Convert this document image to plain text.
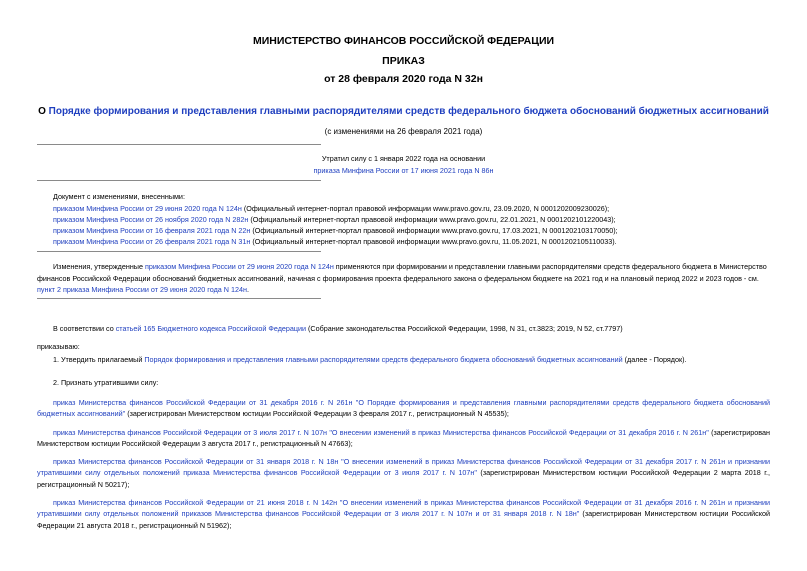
МИНИСТЕРСТВО ФИНАНСОВ РОССИЙСКОЙ ФЕДЕРАЦИИ
ПРИКАЗ
от 28 февраля 2020 года N 32н
О Порядке формирования и представления главными распорядителями средств федерального бюджета обоснований бюджетных ассигнований
(с изменениями на 26 февраля 2021 года)
Утратил силу с 1 января 2022 года на основании
приказа Минфина России от 17 июня 2021 года N 86н
Документ с изменениями, внесенными:
приказом Минфина России от 29 июня 2020 года N 124н (Официальный интернет-портал правовой информации www.pravo.gov.ru, 23.09.2020, N 0001202009230026);
приказом Минфина России от 26 ноября 2020 года N 282н (Официальный интернет-портал правовой информации www.pravo.gov.ru, 22.01.2021, N 0001202101220043);
приказом Минфина России от 16 февраля 2021 года N 22н (Официальный интернет-портал правовой информации www.pravo.gov.ru, 17.03.2021, N 0001202103170050);
приказом Минфина России от 26 февраля 2021 года N 31н (Официальный интернет-портал правовой информации www.pravo.gov.ru, 11.05.2021, N 0001202105110033).
Изменения, утвержденные приказом Минфина России от 29 июня 2020 года N 124н применяются при формировании и представлении главными распорядителями средств федерального бюджета в Министерство финансов Российской Федерации обоснований бюджетных ассигнований, начиная с формирования проекта федерального закона о федеральном бюджете на 2021 год и на плановый период 2022 и 2023 годов - см. пункт 2 приказа Минфина России от 29 июня 2020 года N 124н.
В соответствии со статьей 165 Бюджетного кодекса Российской Федерации (Собрание законодательства Российской Федерации, 1998, N 31, ст.3823; 2019, N 52, ст.7797)
приказываю:
1. Утвердить прилагаемый Порядок формирования и представления главными распорядителями средств федерального бюджета обоснований бюджетных ассигнований (далее - Порядок).
2. Признать утратившими силу:
приказ Министерства финансов Российской Федерации от 31 декабря 2016 г. N 261н "О Порядке формирования и представления главными распорядителями средств федерального бюджета обоснований бюджетных ассигнований" (зарегистрирован Министерством юстиции Российской Федерации 3 февраля 2017 г., регистрационный N 45535);
приказ Министерства финансов Российской Федерации от 3 июля 2017 г. N 107н "О внесении изменений в приказ Министерства финансов Российской Федерации от 31 декабря 2016 г. N 261н" (зарегистрирован Министерством юстиции Российской Федерации 3 августа 2017 г., регистрационный N 47663);
приказ Министерства финансов Российской Федерации от 31 января 2018 г. N 18н "О внесении изменений в приказ Министерства финансов Российской Федерации от 31 декабря 2017 г. N 261н и признании утратившими силу отдельных положений приказа Министерства финансов Российской Федерации от 3 июля 2017 г. N 107н" (зарегистрирован Министерством юстиции Российской Федерации 2 марта 2018 г., регистрационный N 50217);
приказ Министерства финансов Российской Федерации от 21 июня 2018 г. N 142н "О внесении изменений в приказ Министерства финансов Российской Федерации от 31 декабря 2016 г. N 261н и признании утратившими силу отдельных положений приказов Министерства финансов Российской Федерации от 3 июля 2017 г. N 107н и от 31 января 2018 г. N 18н" (зарегистрирован Министерством юстиции Российской Федерации 21 августа 2018 г., регистрационный N 51962);
